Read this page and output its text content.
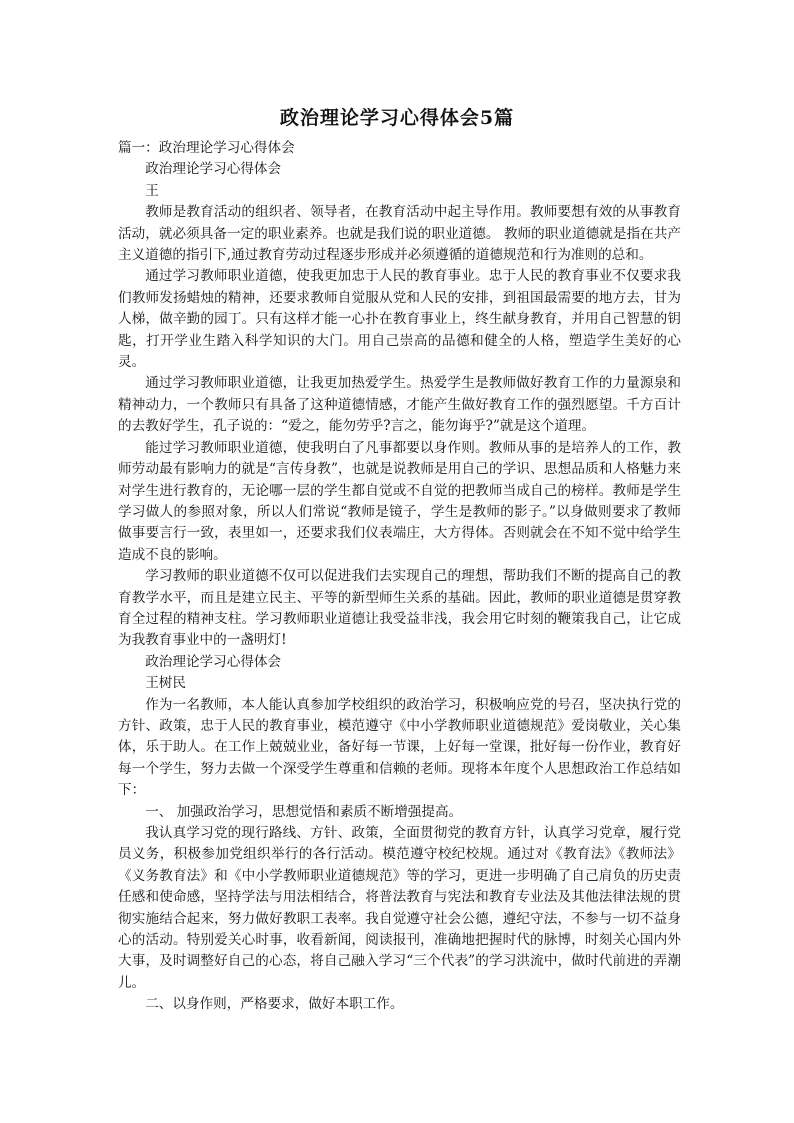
政治理论学习心得体会5篇
篇一：政治理论学习心得体会
政治理论学习心得体会
王

教师是教育活动的组织者、领导者，在教育活动中起主导作用。教师要想有效的从事教育活动，就必须具备一定的职业素养。也就是我们说的职业道德。 教师的职业道德就是指在共产主义道德的指引下,通过教育劳动过程逐步形成并必须遵循的道德规范和行为准则的总和。

通过学习教师职业道德，使我更加忠于人民的教育事业。忠于人民的教育事业不仅要求我们教师发扬蜡烛的精神，还要求教师自觉服从党和人民的安排，到祖国最需要的地方去，甘为人梯，做辛勤的园丁。只有这样才能一心扑在教育事业上，终生献身教育，并用自己智慧的钥匙，打开学业生踏入科学知识的大门。用自己崇高的品德和健全的人格，塑造学生美好的心灵。

通过学习教师职业道德，让我更加热爱学生。热爱学生是教师做好教育工作的力量源泉和精神动力，一个教师只有具备了这种道德情感，才能产生做好教育工作的强烈愿望。千方百计的去教好学生，孔子说的：“爱之，能勿劳乎?言之，能勿诲乎?”就是这个道理。

能过学习教师职业道德，使我明白了凡事都要以身作则。教师从事的是培养人的工作，教师劳动最有影响力的就是“言传身教”，也就是说教师是用自己的学识、思想品质和人格魅力来对学生进行教育的，无论哪一层的学生都自觉或不自觉的把教师当成自己的榜样。教师是学生学习做人的参照对象，所以人们常说“教师是镜子，学生是教师的影子。”以身做则要求了教师做事要言行一致，表里如一，还要求我们仪表端庄，大方得体。否则就会在不知不觉中给学生造成不良的影响。

学习教师的职业道德不仅可以促进我们去实现自己的理想，帮助我们不断的提高自己的教育教学水平，而且是建立民主、平等的新型师生关系的基础。因此，教师的职业道德是贯穿教育全过程的精神支柱。学习教师职业道德让我受益非浅，我会用它时刻的鞭策我自己，让它成为我教育事业中的一盏明灯!

政治理论学习心得体会
王树民

作为一名教师，本人能认真参加学校组织的政治学习，积极响应党的号召，坚决执行党的方针、政策，忠于人民的教育事业，模范遵守《中小学教师职业道德规范》爱岗敬业，关心集体，乐于助人。在工作上兢兢业业，备好每一节课，上好每一堂课，批好每一份作业，教育好每一个学生，努力去做一个深受学生尊重和信赖的老师。现将本年度个人思想政治工作总结如下：

一、 加强政治学习，思想觉悟和素质不断增强提高。

我认真学习党的现行路线、方针、政策，全面贯彻党的教育方针，认真学习党章，履行党员义务，积极参加党组织举行的各行活动。模范遵守校纪校规。通过对《教育法》《教师法》《义务教育法》和《中小学教师职业道德规范》等的学习，更进一步明确了自己肩负的历史责任感和使命感，坚持学法与用法相结合，将普法教育与宪法和教育专业法及其他法律法规的贯彻实施结合起来，努力做好教职工表率。我自觉遵守社会公德，遵纪守法，不参与一切不益身心的活动。特别爱关心时事，收看新闻，阅读报刊，准确地把握时代的脉博，时刻关心国内外大事，及时调整好自己的心态，将自己融入学习“三个代表”的学习洪流中，做时代前进的弄潮儿。

二、以身作则，严格要求，做好本职工作。
